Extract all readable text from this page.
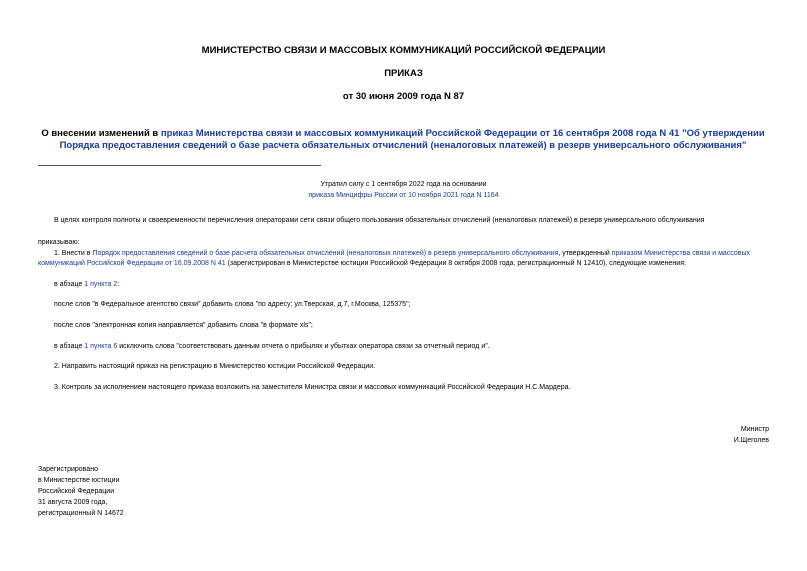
МИНИСТЕРСТВО СВЯЗИ И МАССОВЫХ КОММУНИКАЦИЙ РОССИЙСКОЙ ФЕДЕРАЦИИ
ПРИКАЗ
от 30 июня 2009 года N 87
О внесении изменений в приказ Министерства связи и массовых коммуникаций Российской Федерации от 16 сентября 2008 года N 41 "Об утверждении Порядка предоставления сведений о базе расчета обязательных отчислений (неналоговых платежей) в резерв универсального обслуживания"
Утратил силу с 1 сентября 2022 года на основании
приказа Минцифры России от 10 ноября 2021 года N 1164
В целях контроля полноты и своевременности перечисления операторами сети связи общего пользования обязательных отчислений (неналоговых платежей) в резерв универсального обслуживания
приказываю:
1. Внести в Порядок предоставления сведений о базе расчета обязательных отчислений (неналоговых платежей) в резерв универсального обслуживания, утвержденный приказом Министерства связи и массовых коммуникаций Российской Федерации от 16.09.2008 N 41 (зарегистрирован в Министерстве юстиции Российской Федерации 8 октября 2008 года, регистрационный N 12410), следующие изменения:
в абзаце 1 пункта 2:
после слов "в Федеральное агентство связи" добавить слова "по адресу: ул.Тверская, д.7, г.Москва, 125375";
после слов "электронная копия направляется" добавить слова "в формате xls";
в абзаце 1 пункта 6 исключить слова "соответствовать данным отчета о прибылях и убытках оператора связи за отчетный период и".
2. Направить настоящий приказ на регистрацию в Министерство юстиции Российской Федерации.
3. Контроль за исполнением настоящего приказа возложить на заместителя Министра связи и массовых коммуникаций Российской Федерации Н.С.Мардера.
Министр
И.Щеголев
Зарегистрировано
в Министерстве юстиции
Российской Федерации
31 августа 2009 года,
регистрационный N 14672
